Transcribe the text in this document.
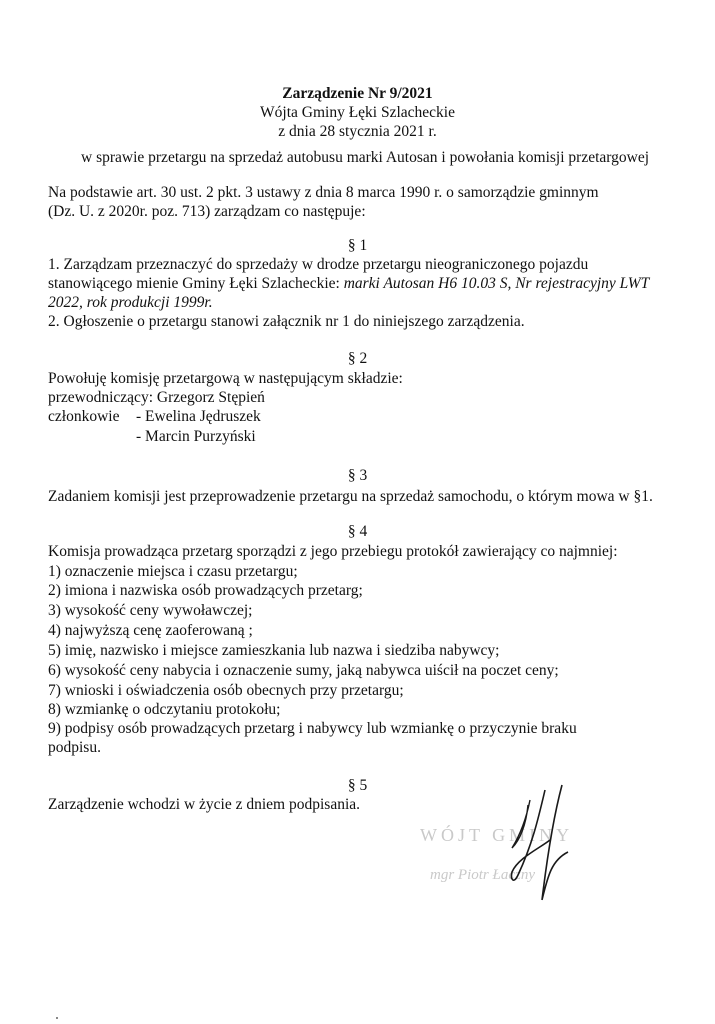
Zarządzenie Nr 9/2021
Wójta Gminy Łęki Szlacheckie
z dnia 28 stycznia 2021 r.
w sprawie przetargu na sprzedaż autobusu marki Autosan i powołania komisji przetargowej
Na podstawie art. 30 ust. 2 pkt. 3 ustawy z dnia 8 marca 1990 r. o samorządzie gminnym
(Dz. U. z 2020r. poz. 713) zarządzam co następuje:
§ 1
1. Zarządzam przeznaczyć do sprzedaży w drodze przetargu nieograniczonego pojazdu
stanowiącego mienie Gminy Łęki Szlacheckie: marki Autosan H6 10.03 S, Nr rejestracyjny LWT
2022, rok produkcji 1999r.
2. Ogłoszenie o przetargu stanowi załącznik nr 1 do niniejszego zarządzenia.
§ 2
Powołuję komisję przetargową w następującym składzie:
przewodniczący: Grzegorz Stępień
członkowie - Ewelina Jędruszek
- Marcin Purzyński
§ 3
Zadaniem komisji jest przeprowadzenie przetargu na sprzedaż samochodu, o którym mowa w §1.
§ 4
Komisja prowadząca przetarg sporządzi z jego przebiegu protokół zawierający co najmniej:
1) oznaczenie miejsca i czasu przetargu;
2) imiona i nazwiska osób prowadzących przetarg;
3) wysokość ceny wywoławczej;
4) najwyższą cenę zaoferowaną ;
5) imię, nazwisko i miejsce zamieszkania lub nazwa i siedziba nabywcy;
6) wysokość ceny nabycia i oznaczenie sumy, jaką nabywca uiścił na poczet ceny;
7) wnioski i oświadczenia osób obecnych przy przetargu;
8) wzmiankę o odczytaniu protokołu;
9) podpisy osób prowadzących przetarg i nabywcy lub wzmiankę o przyczynie braku
podpisu.
§ 5
Zarządzenie wchodzi w życie z dniem podpisania.
WÓJT GMINY
mgr Piotr Łaczny
